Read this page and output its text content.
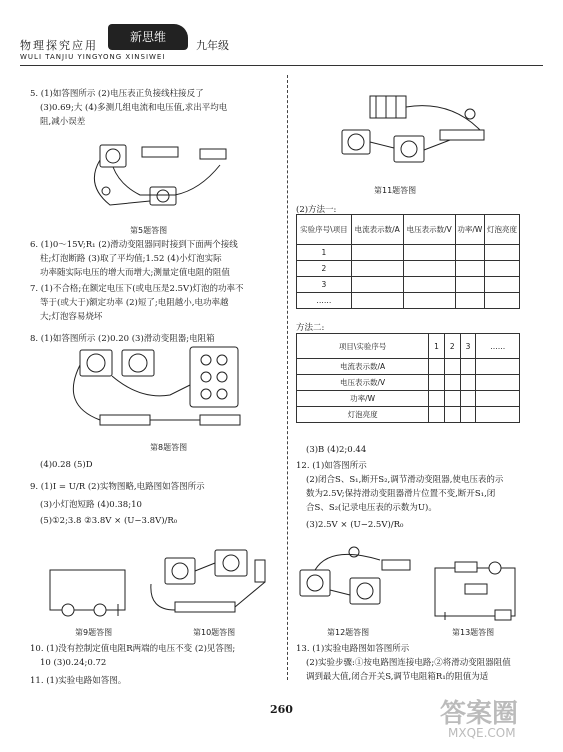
物理探究应用
新思维
九年级
WULI TANJIU YINGYONG XINSIWEI
5. (1)如答图所示 (2)电压表正负接线柱接反了
(3)0.69;大 (4)多测几组电流和电压值,求出平均电
阻,减小误差
6. (1)0～15V;R₁ (2)滑动变阻器同时接到下面两个接线
柱;灯泡断路 (3)取了平均值;1.52 (4)小灯泡实际
功率随实际电压的增大而增大;测量定值电阻的阻值
7. (1)不合格;在额定电压下(或电压是2.5V)灯泡的功率不
等于(或大于)额定功率 (2)短了;电阻越小,电功率越
大;灯泡容易烧坏
8. (1)如答图所示 (2)0.20 (3)滑动变阻器;电阻箱
(4)0.28 (5)D
9. (1)I = U/R (2)实物图略,电路图如答图所示
(3)小灯泡短路 (4)0.38;10
(5)①2;3.8 ②3.8V × (U−3.8V)/R₀
10. (1)没有控制定值电阻R两端的电压不变 (2)见答图;
10 (3)0.24;0.72
11. (1)实验电路如答图。
(2)方法一:
方法二:
(3)B (4)2;0.44
12. (1)如答图所示
(2)闭合S、S₁,断开S₂,调节滑动变阻器,使电压表的示
数为2.5V;保持滑动变阻器滑片位置不变,断开S₁,闭
合S、S₂(记录电压表的示数为U)。
(3)2.5V × (U−2.5V)/R₀
13. (1)实验电路图如答图所示
(2)实验步骤:①按电路图连接电路;②将滑动变阻器阻值
调到最大值,闭合开关S,调节电阻箱R₁的阻值为适
第5题答图
第11题答图
第8题答图
第9题答图	第10题答图	第12题答图	第13题答图
实验序号\项目	电流表示数/A	电压表示数/V	功率/W	灯泡亮度
1				
2				
3				
……				
项目\实验序号	1	2	3	……
电流表示数/A				
电压表示数/V				
功率/W				
灯泡亮度				
260	答案圈
MXQE.COM
